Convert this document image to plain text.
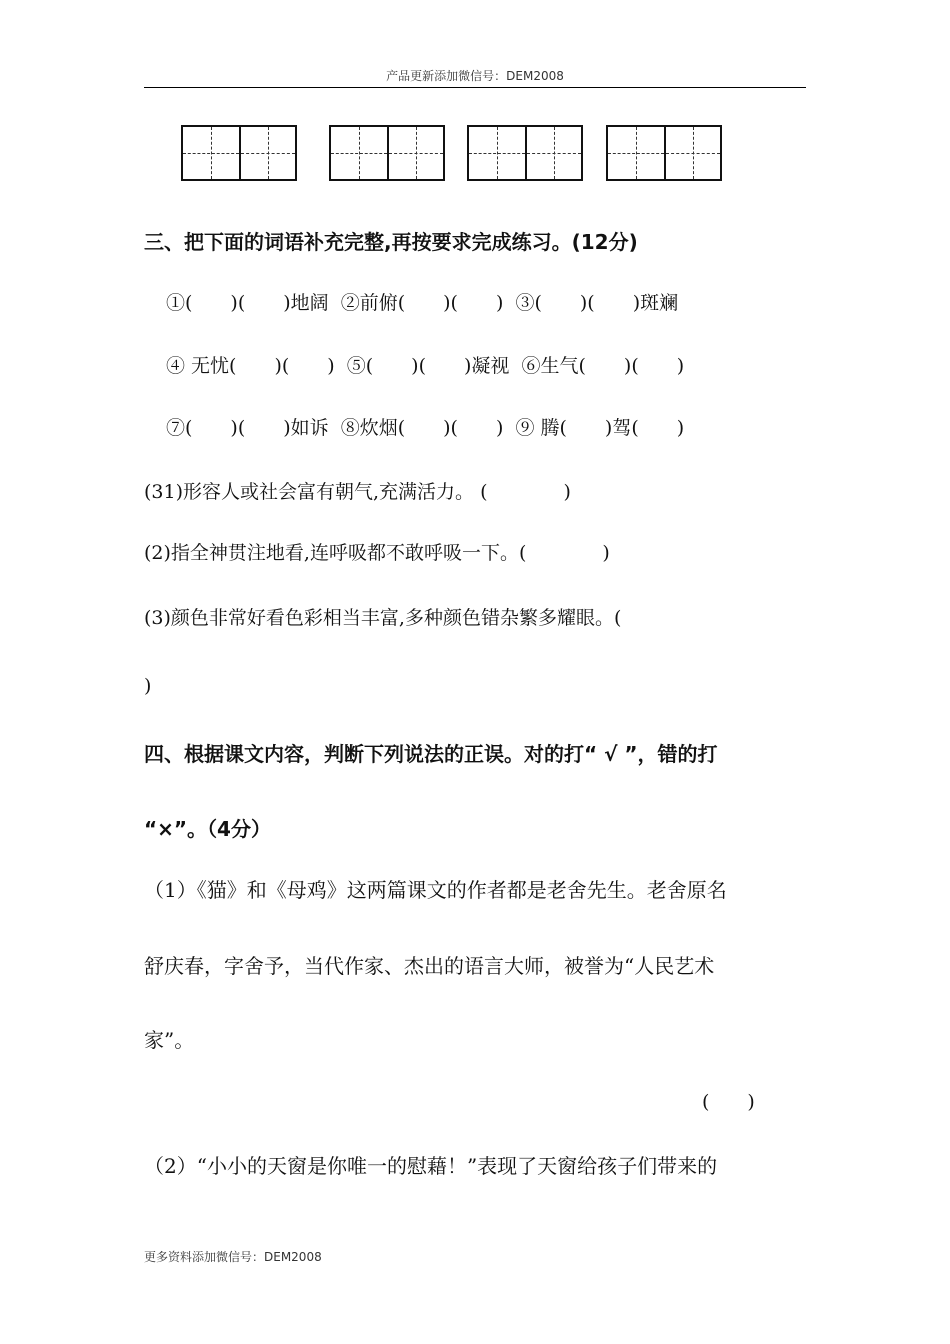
产品更新添加微信号：DEM2008
三、把下面的词语补充完整,再按要求完成练习。(12分)
①(　　)(　　)地阔  ②前俯(　　)(　　)  ③(　　)(　　)斑斓
④ 无忧(　　)(　　)  ⑤(　　)(　　)凝视  ⑥生气(　　)(　　)
⑦(　　)(　　)如诉  ⑧炊烟(　　)(　　)  ⑨ 腾(　　)驾(　　)
(31)形容人或社会富有朝气,充满活力。 (　　　　)
(2)指全神贯注地看,连呼吸都不敢呼吸一下。(　　　　)
(3)颜色非常好看色彩相当丰富,多种颜色错杂繁多耀眼。(
)
四、根据课文内容，判断下列说法的正误。对的打“ √ ”，错的打
“×”。（4分）
（1）《猫》和《母鸡》这两篇课文的作者都是老舍先生。老舍原名
舒庆春，字舍予，当代作家、杰出的语言大师，被誉为“人民艺术
家”。
(　　)
（2）“小小的天窗是你唯一的慰藉！”表现了天窗给孩子们带来的
更多资料添加微信号：DEM2008
